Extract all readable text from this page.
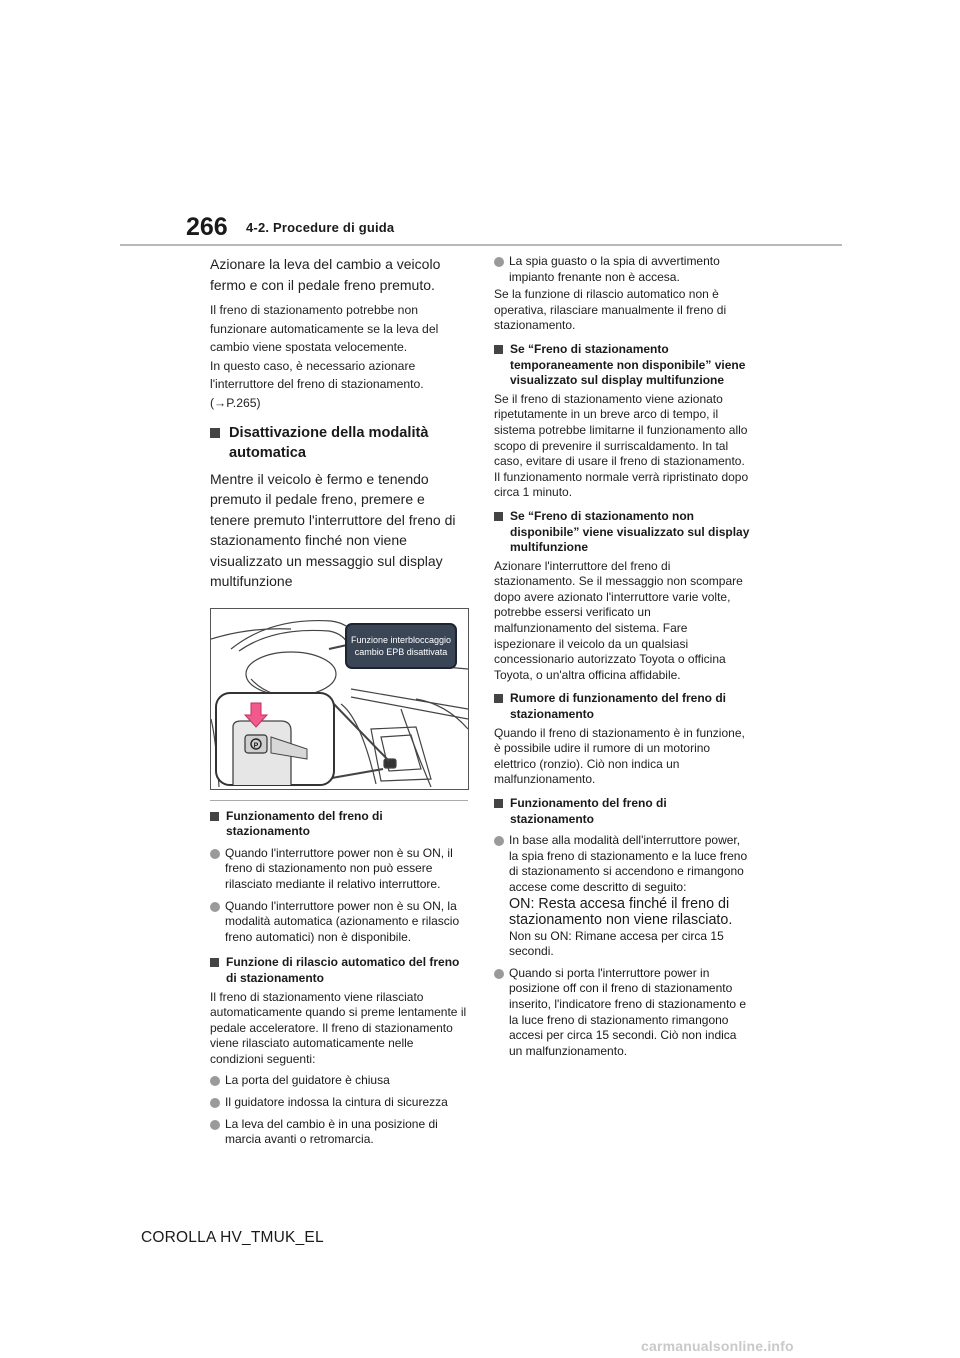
266 4-2. Procedure di guida

Azionare la leva del cambio a veicolo fermo e con il pedale freno premuto.

Il freno di stazionamento potrebbe non funzionare automaticamente se la leva del cambio viene spostata velocemente.

In questo caso, è necessario azionare l'interruttore del freno di stazionamento. (→P.265)

Disattivazione della modalità automatica

Mentre il veicolo è fermo e tenendo premuto il pedale freno, premere e tenere premuto l'interruttore del freno di stazionamento finché non viene visualizzato un messaggio sul display multifunzione

P
Funzione interbloccaggio cambio EPB disattivata
Funzionamento del freno di stazionamento
Quando l'interruttore power non è su ON, il freno di stazionamento non può essere rilasciato mediante il relativo interruttore.
Quando l'interruttore power non è su ON, la modalità automatica (azionamento e rilascio freno automatici) non è disponibile.
Funzione di rilascio automatico del freno di stazionamento

Il freno di stazionamento viene rilasciato automaticamente quando si preme lentamente il pedale acceleratore. Il freno di stazionamento viene rilasciato automaticamente nelle condizioni seguenti:

La porta del guidatore è chiusa
Il guidatore indossa la cintura di sicurezza
La leva del cambio è in una posizione di marcia avanti o retromarcia.
La spia guasto o la spia di avvertimento impianto frenante non è accesa.

Se la funzione di rilascio automatico non è operativa, rilasciare manualmente il freno di stazionamento.

Se “Freno di stazionamento temporaneamente non disponibile” viene visualizzato sul display multifunzione

Se il freno di stazionamento viene azionato ripetutamente in un breve arco di tempo, il sistema potrebbe limitarne il funzionamento allo scopo di prevenire il surriscaldamento. In tal caso, evitare di usare il freno di stazionamento. Il funzionamento normale verrà ripristinato dopo circa 1 minuto.

Se “Freno di stazionamento non disponibile” viene visualizzato sul display multifunzione

Azionare l'interruttore del freno di stazionamento. Se il messaggio non scompare dopo avere azionato l'interruttore varie volte, potrebbe essersi verificato un malfunzionamento del sistema. Fare ispezionare il veicolo da un qualsiasi concessionario autorizzato Toyota o officina Toyota, o un'altra officina affidabile.

Rumore di funzionamento del freno di stazionamento

Quando il freno di stazionamento è in funzione, è possibile udire il rumore di un motorino elettrico (ronzio). Ciò non indica un malfunzionamento.

Funzionamento del freno di stazionamento
In base alla modalità dell'interruttore power, la spia freno di stazionamento e la luce freno di stazionamento si accendono e rimangono accese come descritto di seguito:
ON: Resta accesa finché il freno di stazionamento non viene rilasciato.
Non su ON: Rimane accesa per circa 15 secondi.
Quando si porta l'interruttore power in posizione off con il freno di stazionamento inserito, l'indicatore freno di stazionamento e la luce freno di stazionamento rimangono accesi per circa 15 secondi. Ciò non indica un malfunzionamento.
COROLLA HV_TMUK_EL
carmanualsonline.info
